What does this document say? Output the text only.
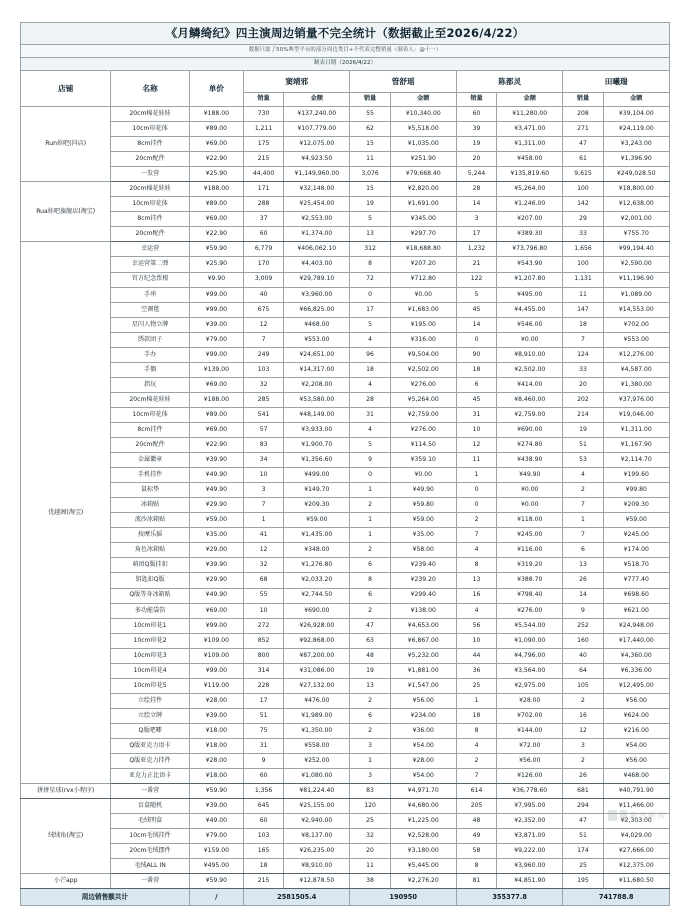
《月鳞绮纪》四主演周边销量不完全统计（数据截止至2026/4/22）										
数据只取了50%典型平台的部分周边类目+不代表完整销量（制表人：@十一）										
制表日期（2026/4/22）										
店铺	名称	单价	窦靖邪		管舒瑶		陈都灵		田曦瑞	
			销量	金额	销量	金额	销量	金额	销量	金额
Run娃吧(抖店)	20cm棉花娃娃	¥188.00	730	¥137,240.00	55	¥10,340.00	60	¥11,280.00	208	¥39,104.00
	10cm印花体	¥89.00	1,211	¥107,779.00	62	¥5,518.00	39	¥3,471.00	271	¥24,119.00
	8cm挂件	¥69.00	175	¥12,075.00	15	¥1,035.00	19	¥1,311.00	47	¥3,243.00
	20cm配件	¥22.90	215	¥4,923.50	11	¥251.90	20	¥458.00	61	¥1,396.90
	一发营	¥25.90	44,400	¥1,149,960.00	3,076	¥79,668.40	5,244	¥135,819.60	9,615	¥249,028.50
Rua娃吧旗舰店(淘宝)	20cm棉花娃娃	¥188.00	171	¥32,148.00	15	¥2,820.00	28	¥5,264.00	100	¥18,800.00
	10cm印花体	¥89.00	288	¥25,454.00	19	¥1,691.00	14	¥1,246.00	142	¥12,638.00
	8cm挂件	¥69.00	37	¥2,553.00	5	¥345.00	3	¥207.00	29	¥2,001.00
	20cm配件	¥22.90	60	¥1,374.00	13	¥297.70	17	¥389.30	33	¥755.70
优越阁(淘宝)	幸运营	¥59.90	6,779	¥406,062.10	312	¥18,688.80	1,232	¥73,796.80	1,656	¥99,194.40
	幸运营第二弹	¥25.90	170	¥4,403.00	8	¥207.20	21	¥543.90	100	¥2,590.00
	官方纪念票根	¥9.90	3,009	¥29,789.10	72	¥712.80	122	¥1,207.80	1,131	¥11,196.90
	手串	¥99.00	40	¥3,960.00	0	¥0.00	5	¥495.00	11	¥1,089.00
	空调毯	¥99.00	675	¥66,825.00	17	¥1,683.00	45	¥4,455.00	147	¥14,553.00
	星闪人物立牌	¥39.00	12	¥468.00	5	¥195.00	14	¥546.00	18	¥702.00
	绣款团子	¥79.00	7	¥553.00	4	¥316.00	0	¥0.00	7	¥553.00
	手办	¥99.00	249	¥24,651.00	96	¥9,504.00	90	¥8,910.00	124	¥12,276.00
	手偶	¥139.00	103	¥14,317.00	18	¥2,502.00	18	¥2,502.00	33	¥4,587.00
	指玩	¥69.00	32	¥2,208.00	4	¥276.00	6	¥414.00	20	¥1,380.00
	20cm棉花娃娃	¥188.00	285	¥53,580.00	28	¥5,264.00	45	¥8,460.00	202	¥37,976.00
	10cm印花体	¥89.00	541	¥48,149.00	31	¥2,759.00	31	¥2,759.00	214	¥19,046.00
	8cm挂件	¥69.00	57	¥3,933.00	4	¥276.00	10	¥690.00	19	¥1,311.00
	20cm配件	¥22.90	83	¥1,900.70	5	¥114.50	12	¥274.80	51	¥1,167.90
	金属徽章	¥39.90	34	¥1,356.60	9	¥359.10	11	¥438.90	53	¥2,114.70
	手机挂件	¥49.90	10	¥499.00	0	¥0.00	1	¥49.90	4	¥199.60
	鼠标垫	¥49.90	3	¥149.70	1	¥49.90	0	¥0.00	2	¥99.80
	冰箱贴	¥29.90	7	¥209.30	2	¥59.80	0	¥0.00	7	¥209.30
	流沙冰箱贴	¥59.00	1	¥59.00	1	¥59.00	2	¥118.00	1	¥59.00
	按摩乐摇	¥35.00	41	¥1,435.00	1	¥35.00	7	¥245.00	7	¥245.00
	角色冰箱贴	¥29.00	12	¥348.00	2	¥58.00	4	¥116.00	6	¥174.00
	萌团Q版挂扣	¥39.90	32	¥1,276.80	6	¥239.40	8	¥319.20	13	¥518.70
	钥匙扣Q版	¥29.90	68	¥2,033.20	8	¥239.20	13	¥388.70	26	¥777.40
	Q版等身冰箱贴	¥49.90	55	¥2,744.50	6	¥299.40	16	¥798.40	14	¥698.60
	多功能袋箔	¥69.00	10	¥690.00	2	¥138.00	4	¥276.00	9	¥621.00
	10cm印花1	¥99.00	272	¥26,928.00	47	¥4,653.00	56	¥5,544.00	252	¥24,948.00
	10cm印花2	¥109.00	852	¥92,868.00	63	¥6,867.00	10	¥1,090.00	160	¥17,440.00
	10cm印花3	¥109.00	800	¥87,200.00	48	¥5,232.00	44	¥4,796.00	40	¥4,360.00
	10cm印花4	¥99.00	314	¥31,086.00	19	¥1,881.00	36	¥3,564.00	64	¥6,336.00
	10cm印花5	¥119.00	228	¥27,132.00	13	¥1,547.00	25	¥2,975.00	105	¥12,495.00
	立绘挂件	¥28.00	17	¥476.00	2	¥56.00	1	¥28.00	2	¥56.00
	立绘立牌	¥39.00	51	¥1,989.00	6	¥234.00	18	¥702.00	16	¥624.00
	Q版吧唧	¥18.00	75	¥1,350.00	2	¥36.00	8	¥144.00	12	¥216.00
	Q版亚克力语卡	¥18.00	31	¥558.00	3	¥54.00	4	¥72.00	3	¥54.00
	Q版亚克力挂件	¥28.00	9	¥252.00	1	¥28.00	2	¥56.00	2	¥56.00
	亚克力正比语卡	¥18.00	60	¥1,080.00	3	¥54.00	7	¥126.00	26	¥468.00
拼拼星球(rvx小程序)	一番营	¥59.90	1,356	¥81,224.40	83	¥4,971.70	614	¥36,778.60	681	¥40,791.90
绒绒角(淘宝)	盲盒随机	¥39.00	645	¥25,155.00	120	¥4,680.00	205	¥7,995.00	294	¥11,466.00
	毛绒明盒	¥49.00	60	¥2,940.00	25	¥1,225.00	48	¥2,352.00	47	¥2,303.00
	10cm毛绒挂件	¥79.00	103	¥8,137.00	32	¥2,528.00	49	¥3,871.00	51	¥4,029.00
	20cm毛绒摆件	¥159.00	165	¥26,235.00	20	¥3,180.00	58	¥9,222.00	174	¥27,666.00
	毛绒ALL IN	¥495.00	18	¥8,910.00	11	¥5,445.00	8	¥3,960.00	25	¥12,375.00
小芒app	一番营	¥59.90	215	¥12,878.50	38	¥2,276.20	81	¥4,851.90	195	¥11,680.50
周边销售额共计		/	2581505.4		190950		355377.8		741788.8	
新浪新闻
